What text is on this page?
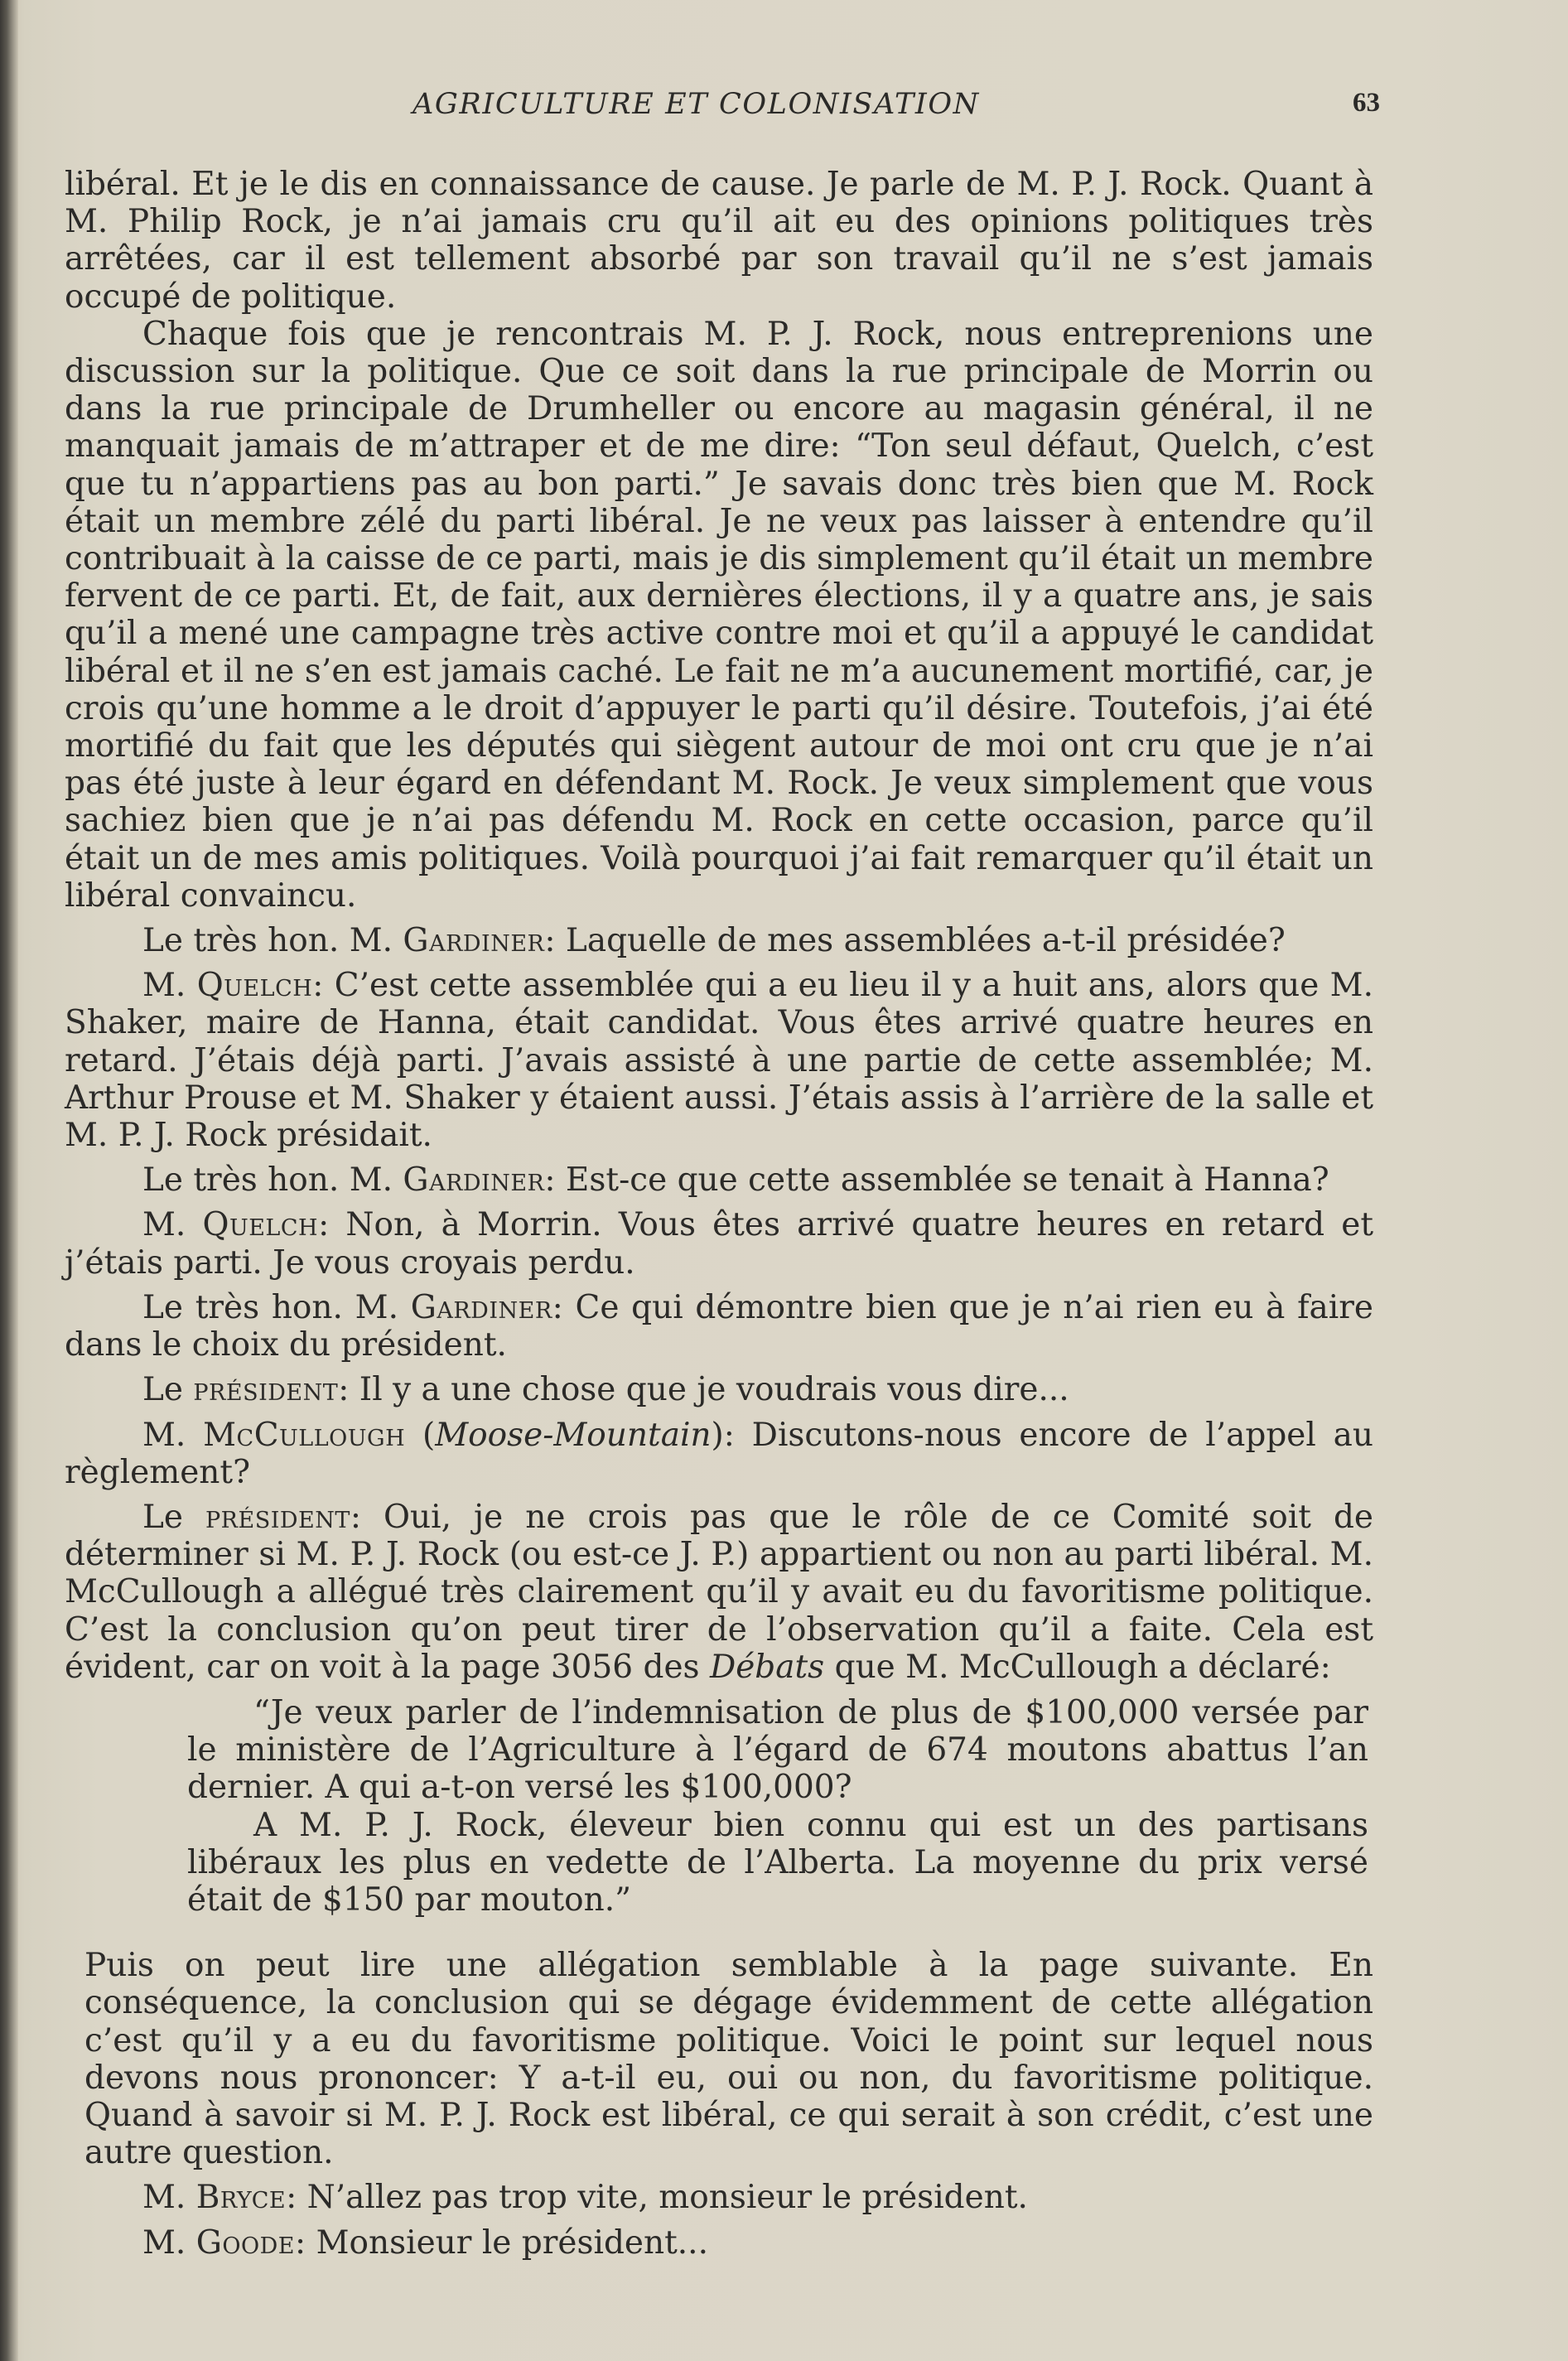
AGRICULTURE ET COLONISATION	63

libéral. Et je le dis en connaissance de cause. Je parle de M. P. J. Rock. Quant à M. Philip Rock, je n’ai jamais cru qu’il ait eu des opinions politiques très arrêtées, car il est tellement absorbé par son travail qu’il ne s’est jamais occupé de politique.

Chaque fois que je rencontrais M. P. J. Rock, nous entreprenions une discussion sur la politique. Que ce soit dans la rue principale de Morrin ou dans la rue principale de Drumheller ou encore au magasin général, il ne manquait jamais de m’attraper et de me dire: “Ton seul défaut, Quelch, c’est que tu n’appartiens pas au bon parti.” Je savais donc très bien que M. Rock était un membre zélé du parti libéral. Je ne veux pas laisser à entendre qu’il contribuait à la caisse de ce parti, mais je dis simplement qu’il était un membre fervent de ce parti. Et, de fait, aux dernières élections, il y a quatre ans, je sais qu’il a mené une campagne très active contre moi et qu’il a appuyé le candidat libéral et il ne s’en est jamais caché. Le fait ne m’a aucunement mortifié, car, je crois qu’une homme a le droit d’appuyer le parti qu’il désire. Toutefois, j’ai été mortifié du fait que les députés qui siègent autour de moi ont cru que je n’ai pas été juste à leur égard en défendant M. Rock. Je veux simplement que vous sachiez bien que je n’ai pas défendu M. Rock en cette occasion, parce qu’il était un de mes amis politiques. Voilà pourquoi j’ai fait remarquer qu’il était un libéral convaincu.

Le très hon. M. Gardiner: Laquelle de mes assemblées a-t-il présidée?

M. Quelch: C’est cette assemblée qui a eu lieu il y a huit ans, alors que M. Shaker, maire de Hanna, était candidat. Vous êtes arrivé quatre heures en retard. J’étais déjà parti. J’avais assisté à une partie de cette assemblée; M. Arthur Prouse et M. Shaker y étaient aussi. J’étais assis à l’arrière de la salle et M. P. J. Rock présidait.

Le très hon. M. Gardiner: Est-ce que cette assemblée se tenait à Hanna?

M. Quelch: Non, à Morrin. Vous êtes arrivé quatre heures en retard et j’étais parti. Je vous croyais perdu.

Le très hon. M. Gardiner: Ce qui démontre bien que je n’ai rien eu à faire dans le choix du président.

Le président: Il y a une chose que je voudrais vous dire...

M. McCullough (Moose-Mountain): Discutons-nous encore de l’appel au règlement?

Le président: Oui, je ne crois pas que le rôle de ce Comité soit de déterminer si M. P. J. Rock (ou est-ce J. P.) appartient ou non au parti libéral. M. McCullough a allégué très clairement qu’il y avait eu du favoritisme politique. C’est la conclusion qu’on peut tirer de l’observation qu’il a faite. Cela est évident, car on voit à la page 3056 des Débats que M. McCullough a déclaré:

“Je veux parler de l’indemnisation de plus de $100,000 versée par le ministère de l’Agriculture à l’égard de 674 moutons abattus l’an dernier. A qui a-t-on versé les $100,000?

A M. P. J. Rock, éleveur bien connu qui est un des partisans libéraux les plus en vedette de l’Alberta. La moyenne du prix versé était de $150 par mouton.”

Puis on peut lire une allégation semblable à la page suivante. En conséquence, la conclusion qui se dégage évidemment de cette allégation c’est qu’il y a eu du favoritisme politique. Voici le point sur lequel nous devons nous prononcer: Y a-t-il eu, oui ou non, du favoritisme politique. Quand à savoir si M. P. J. Rock est libéral, ce qui serait à son crédit, c’est une autre question.

M. Bryce: N’allez pas trop vite, monsieur le président.

M. Goode: Monsieur le président...
